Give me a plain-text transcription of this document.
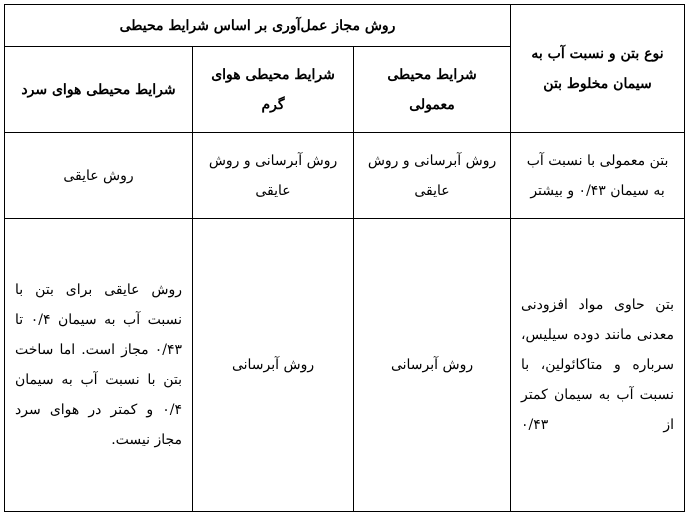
نوع بتن و نسبت آب به سیمان مخلوط بتن	روش مجاز عمل‌آوری بر اساس شرایط محیطی		
	شرایط محیطی معمولی	شرایط محیطی هوای گرم	شرایط محیطی هوای سرد
بتن معمولی با نسبت آب به سیمان ۰/۴۳ و بیشتر	روش آبرسانی و روش عایقی	روش آبرسانی و روش عایقی	روش عایقی
بتن حاوی مواد افزودنی معدنی مانند دوده سیلیس، سرباره و متاکائولین، با نسبت آب به سیمان کمتر از ۰/۴۳	روش آبرسانی	روش آبرسانی	روش عایقی برای بتن با نسبت آب به سیمان ۰/۴ تا ۰/۴۳ مجاز است. اما ساخت بتن با نسبت آب به سیمان ۰/۴ و کمتر در هوای سرد مجاز نیست.
